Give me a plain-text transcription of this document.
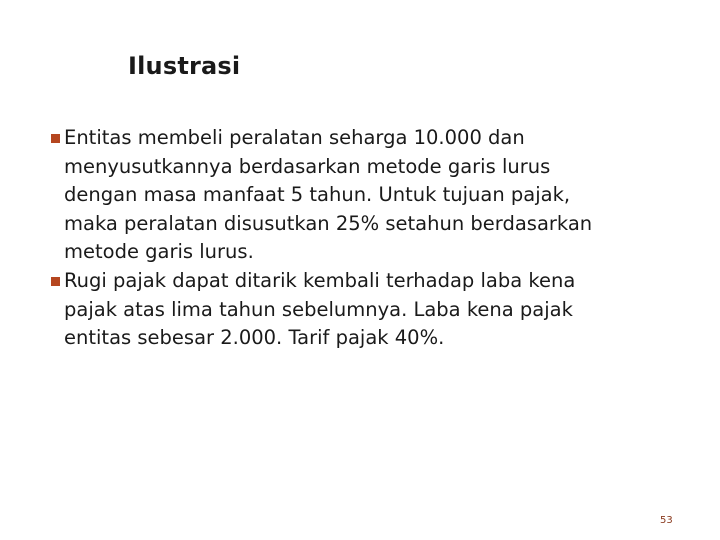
Ilustrasi
Entitas membeli peralatan seharga 10.000 dan
menyusutkannya berdasarkan metode garis lurus
dengan masa manfaat 5 tahun. Untuk tujuan pajak,
maka peralatan disusutkan 25% setahun berdasarkan
metode garis lurus.
Rugi pajak dapat ditarik kembali terhadap laba kena
pajak atas lima tahun sebelumnya. Laba kena pajak
entitas sebesar 2.000. Tarif pajak 40%.
53
